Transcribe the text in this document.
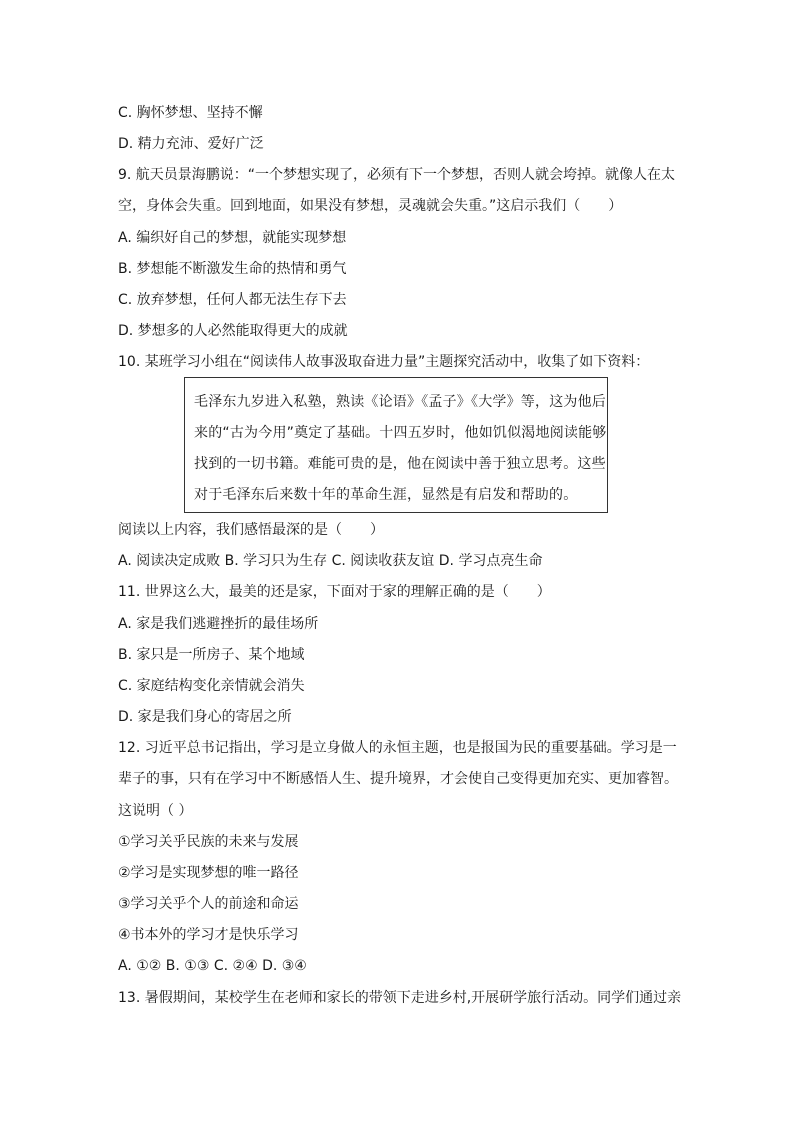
C. 胸怀梦想、坚持不懈
D. 精力充沛、爱好广泛
9. 航天员景海鹏说：“一个梦想实现了，必须有下一个梦想，否则人就会垮掉。就像人在太
空，身体会失重。回到地面，如果没有梦想，灵魂就会失重。”这启示我们（　　）
A. 编织好自己的梦想，就能实现梦想
B. 梦想能不断激发生命的热情和勇气
C. 放弃梦想，任何人都无法生存下去
D. 梦想多的人必然能取得更大的成就
10. 某班学习小组在“阅读伟人故事汲取奋进力量”主题探究活动中，收集了如下资料：
毛泽东九岁进入私塾，熟读《论语》《孟子》《大学》等，这为他后
来的“古为今用”奠定了基础。十四五岁时，他如饥似渴地阅读能够
找到的一切书籍。难能可贵的是，他在阅读中善于独立思考。这些
对于毛泽东后来数十年的革命生涯，显然是有启发和帮助的。
阅读以上内容，我们感悟最深的是（　　）
A. 阅读决定成败 B. 学习只为生存 C. 阅读收获友谊 D. 学习点亮生命
11. 世界这么大，最美的还是家，下面对于家的理解正确的是（　　）
A. 家是我们逃避挫折的最佳场所
B. 家只是一所房子、某个地域
C. 家庭结构变化亲情就会消失
D. 家是我们身心的寄居之所
12. 习近平总书记指出，学习是立身做人的永恒主题，也是报国为民的重要基础。学习是一
辈子的事，只有在学习中不断感悟人生、提升境界，才会使自己变得更加充实、更加睿智。
这说明（ ）
①学习关乎民族的未来与发展
②学习是实现梦想的唯一路径
③学习关乎个人的前途和命运
④书本外的学习才是快乐学习
A. ①② B. ①③ C. ②④ D. ③④
13. 暑假期间，某校学生在老师和家长的带领下走进乡村,开展研学旅行活动。同学们通过亲
